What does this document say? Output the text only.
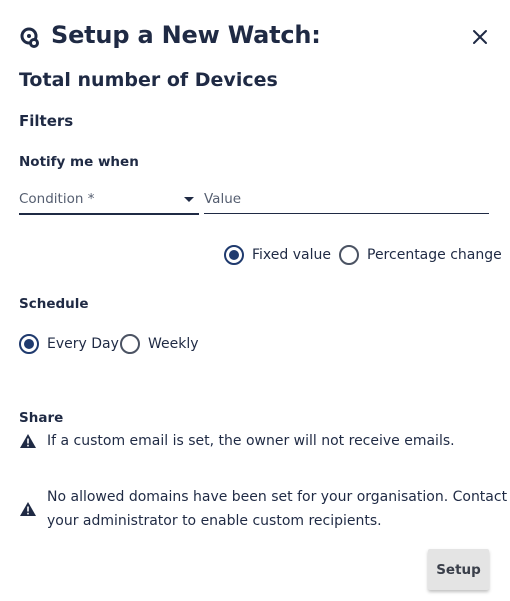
Setup a New Watch:
Total number of Devices
Filters
Notify me when
Condition *	Value
Fixed value	Percentage change
Schedule
Every Day Weekly
Share
If a custom email is set, the owner will not receive emails.
No allowed domains have been set for your organisation. Contact
your administrator to enable custom recipients.
Setup
